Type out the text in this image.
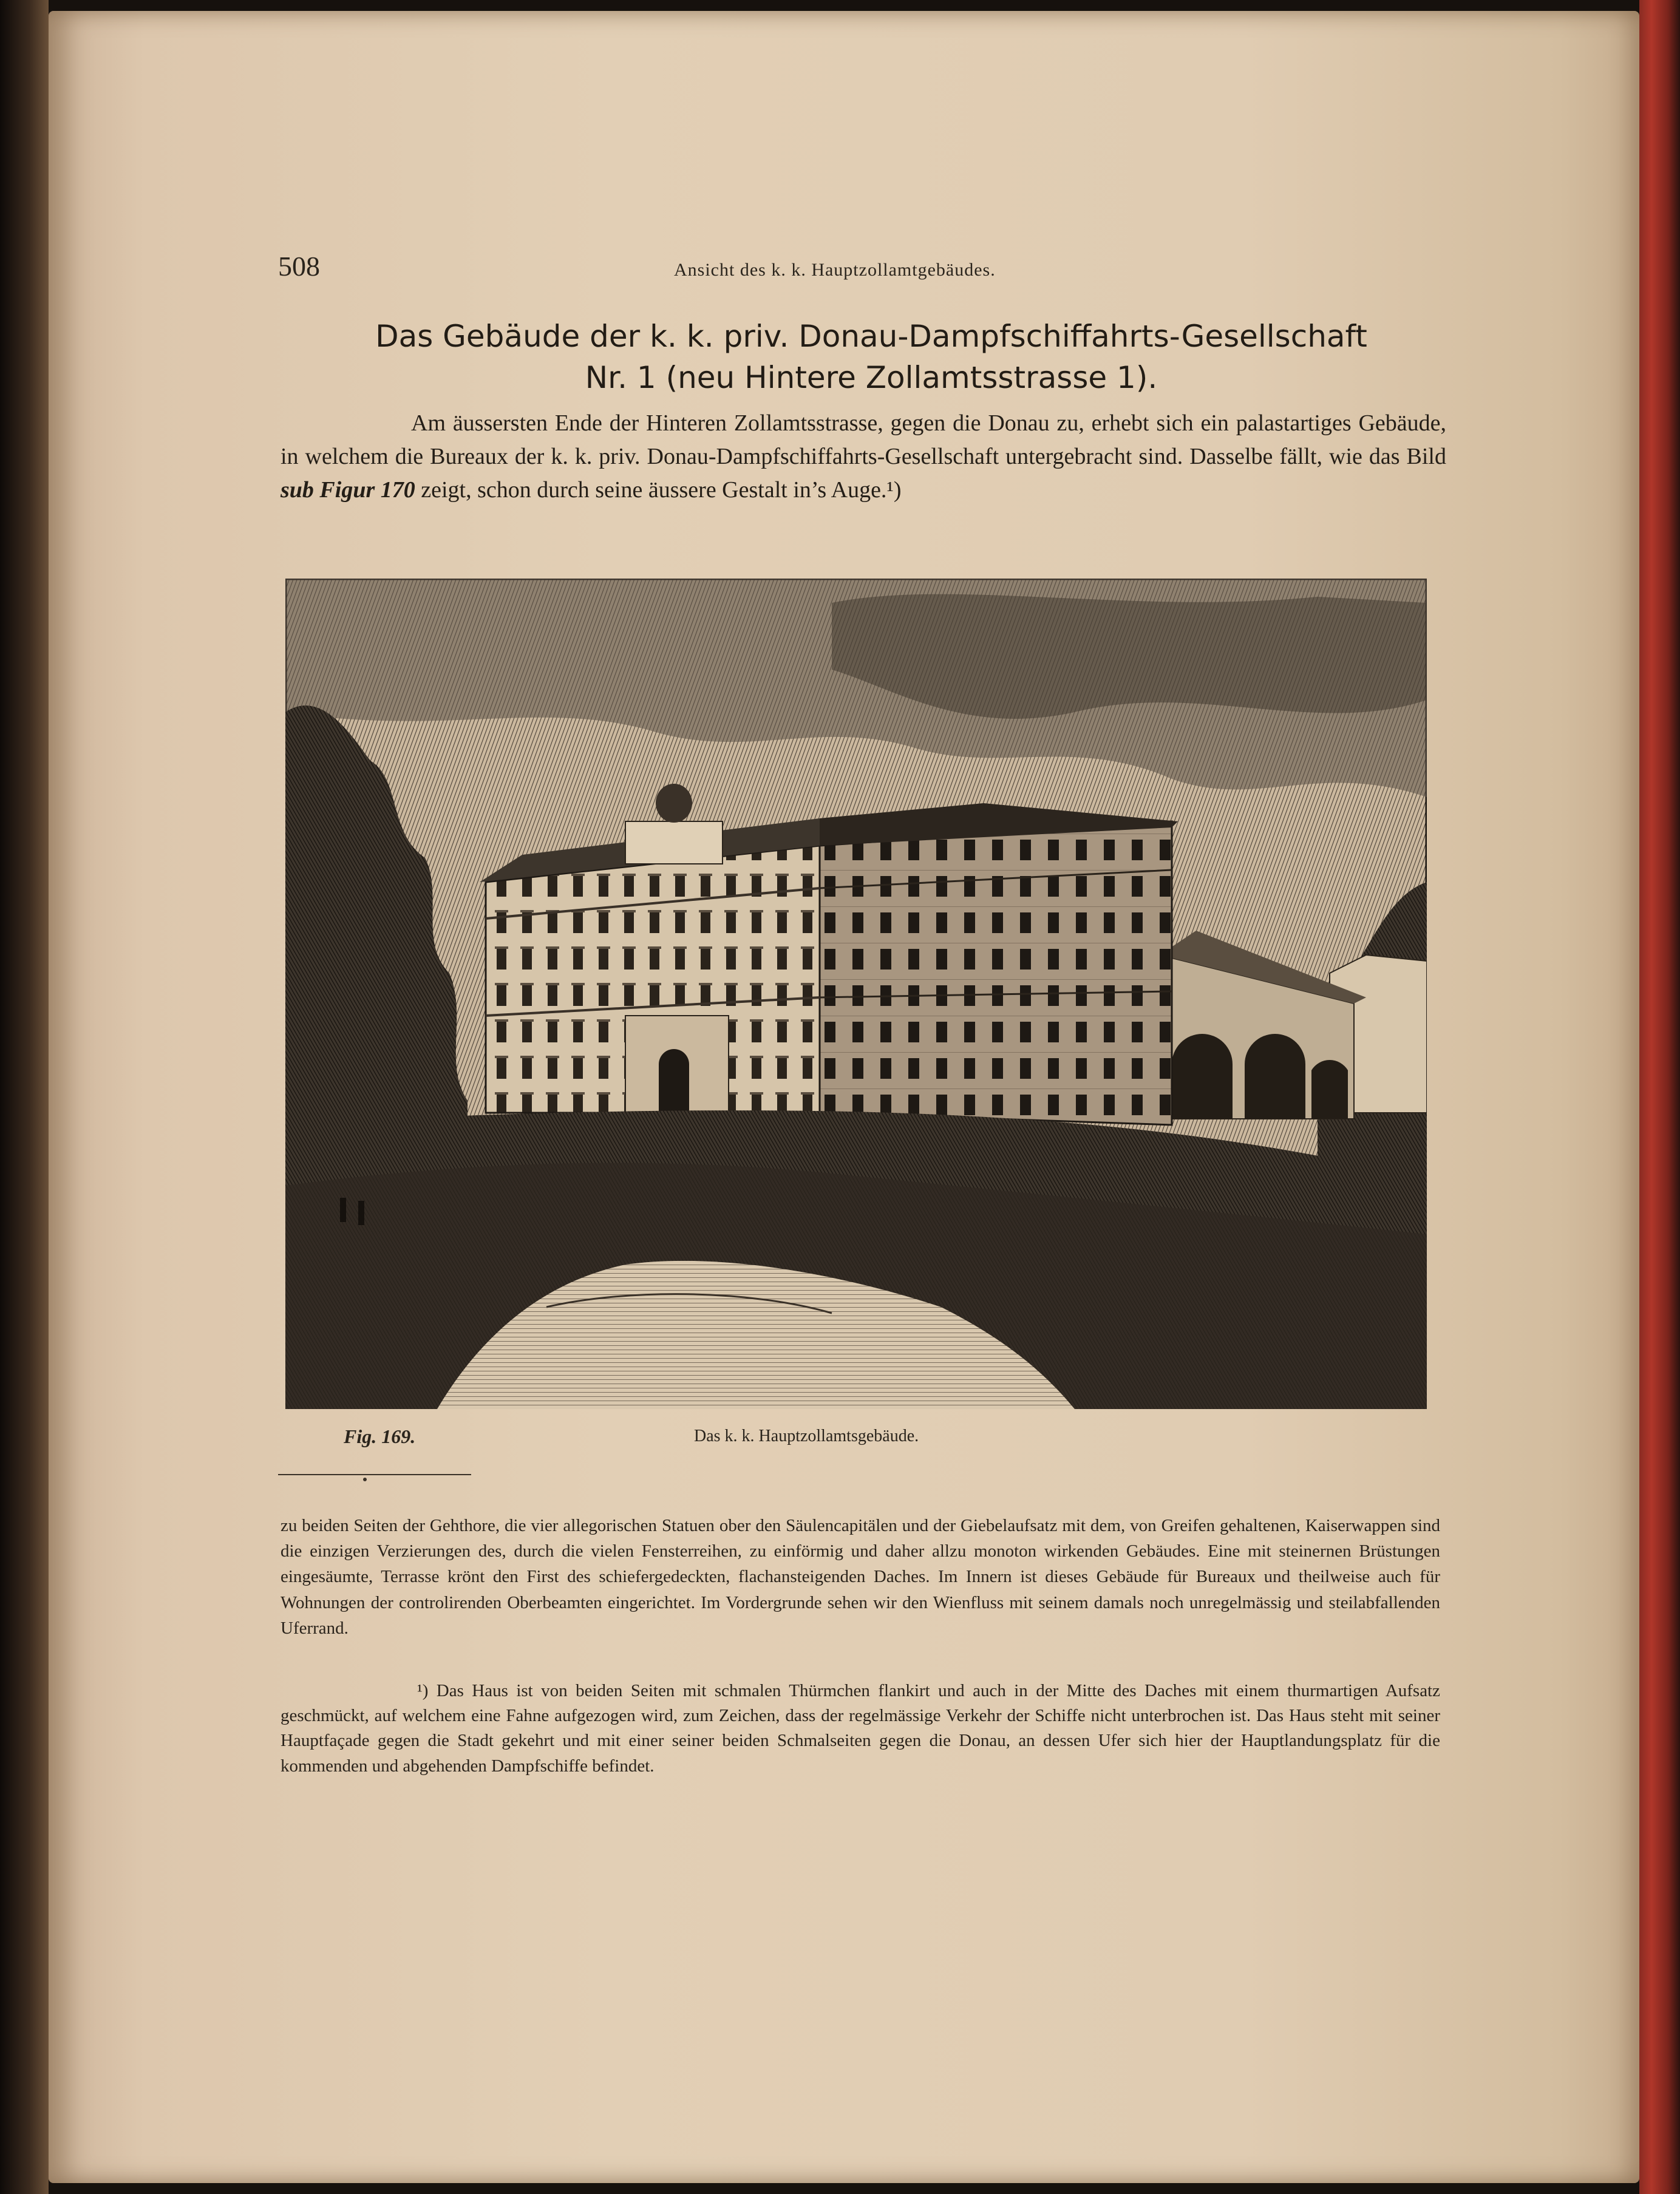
508	Ansicht des k. k. Hauptzollamtgebäudes.
Das Gebäude der k. k. priv. Donau-Dampfschiffahrts-Gesellschaft
Nr. 1 (neu Hintere Zollamtsstrasse 1).
Am äussersten Ende der Hinteren Zollamtsstrasse, gegen die Donau zu, erhebt sich ein palastartiges Gebäude, in welchem die Bureaux der k. k. priv. Donau-Dampfschiffahrts-Gesellschaft untergebracht sind. Dasselbe fällt, wie das Bild sub Figur 170 zeigt, schon durch seine äussere Gestalt in’s Auge.¹)
Fig. 169.	Das k. k. Hauptzollamtsgebäude.
zu beiden Seiten der Gehthore, die vier allegorischen Statuen ober den Säulencapitälen und der Giebelaufsatz mit dem, von Greifen gehaltenen, Kaiserwappen sind die einzigen Verzierungen des, durch die vielen Fensterreihen, zu einförmig und daher allzu monoton wirkenden Gebäudes. Eine mit steinernen Brüstungen eingesäumte, Terrasse krönt den First des schiefergedeckten, flachansteigenden Daches. Im Innern ist dieses Gebäude für Bureaux und theilweise auch für Wohnungen der controlirenden Oberbeamten eingerichtet. Im Vordergrunde sehen wir den Wienfluss mit seinem damals noch unregelmässig und steilabfallenden Uferrand.
¹) Das Haus ist von beiden Seiten mit schmalen Thürmchen flankirt und auch in der Mitte des Daches mit einem thurmartigen Aufsatz geschmückt, auf welchem eine Fahne aufgezogen wird, zum Zeichen, dass der regelmässige Verkehr der Schiffe nicht unterbrochen ist. Das Haus steht mit seiner Hauptfaçade gegen die Stadt gekehrt und mit einer seiner beiden Schmalseiten gegen die Donau, an dessen Ufer sich hier der Hauptlandungsplatz für die kommenden und abgehenden Dampfschiffe befindet.
